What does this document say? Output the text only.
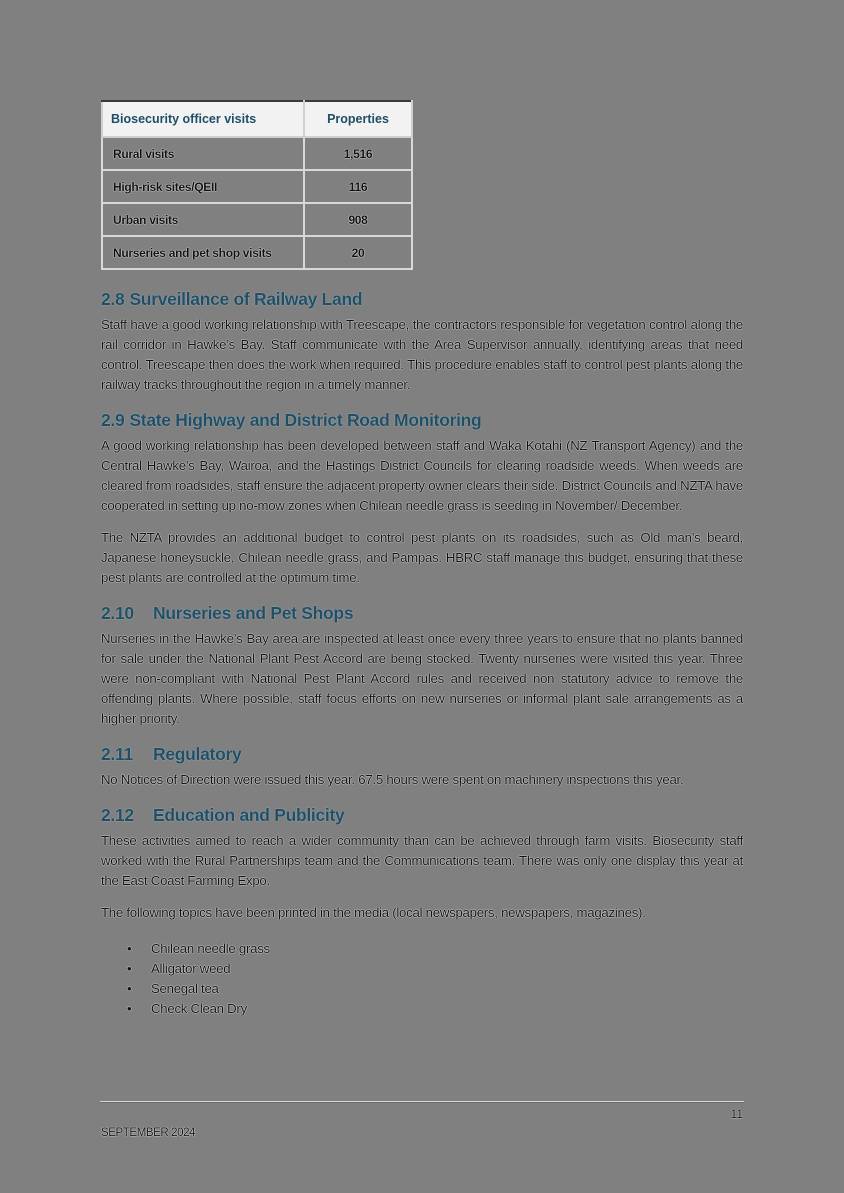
Biosecurity officer visits	Properties
Rural visits	1,516
High-risk sites/QEII	116
Urban visits	908
Nurseries and pet shop visits	20
2.8 Surveillance of Railway Land

Staff have a good working relationship with Treescape, the contractors responsible for vegetation control along the rail corridor in Hawke’s Bay. Staff communicate with the Area Supervisor annually, identifying areas that need control. Treescape then does the work when required. This procedure enables staff to control pest plants along the railway tracks throughout the region in a timely manner.

2.9 State Highway and District Road Monitoring

A good working relationship has been developed between staff and Waka Kotahi (NZ Transport Agency) and the Central Hawke’s Bay, Wairoa, and the Hastings District Councils for clearing roadside weeds. When weeds are cleared from roadsides, staff ensure the adjacent property owner clears their side. District Councils and NZTA have cooperated in setting up no-mow zones when Chilean needle grass is seeding in November/ December.

The NZTA provides an additional budget to control pest plants on its roadsides, such as Old man’s beard, Japanese honeysuckle, Chilean needle grass, and Pampas. HBRC staff manage this budget, ensuring that these pest plants are controlled at the optimum time.

2.10 Nurseries and Pet Shops

Nurseries in the Hawke’s Bay area are inspected at least once every three years to ensure that no plants banned for sale under the National Plant Pest Accord are being stocked. Twenty nurseries were visited this year. Three were non-compliant with National Pest Plant Accord rules and received non statutory advice to remove the offending plants. Where possible, staff focus efforts on new nurseries or informal plant sale arrangements as a higher priority.

2.11 Regulatory

No Notices of Direction were issued this year. 67.5 hours were spent on machinery inspections this year.

2.12 Education and Publicity

These activities aimed to reach a wider community than can be achieved through farm visits. Biosecurity staff worked with the Rural Partnerships team and the Communications team. There was only one display this year at the East Coast Farming Expo.

The following topics have been printed in the media (local newspapers, newspapers, magazines).

• Chilean needle grass
• Alligator weed
• Senegal tea
• Check Clean Dry
11
SEPTEMBER 2024
